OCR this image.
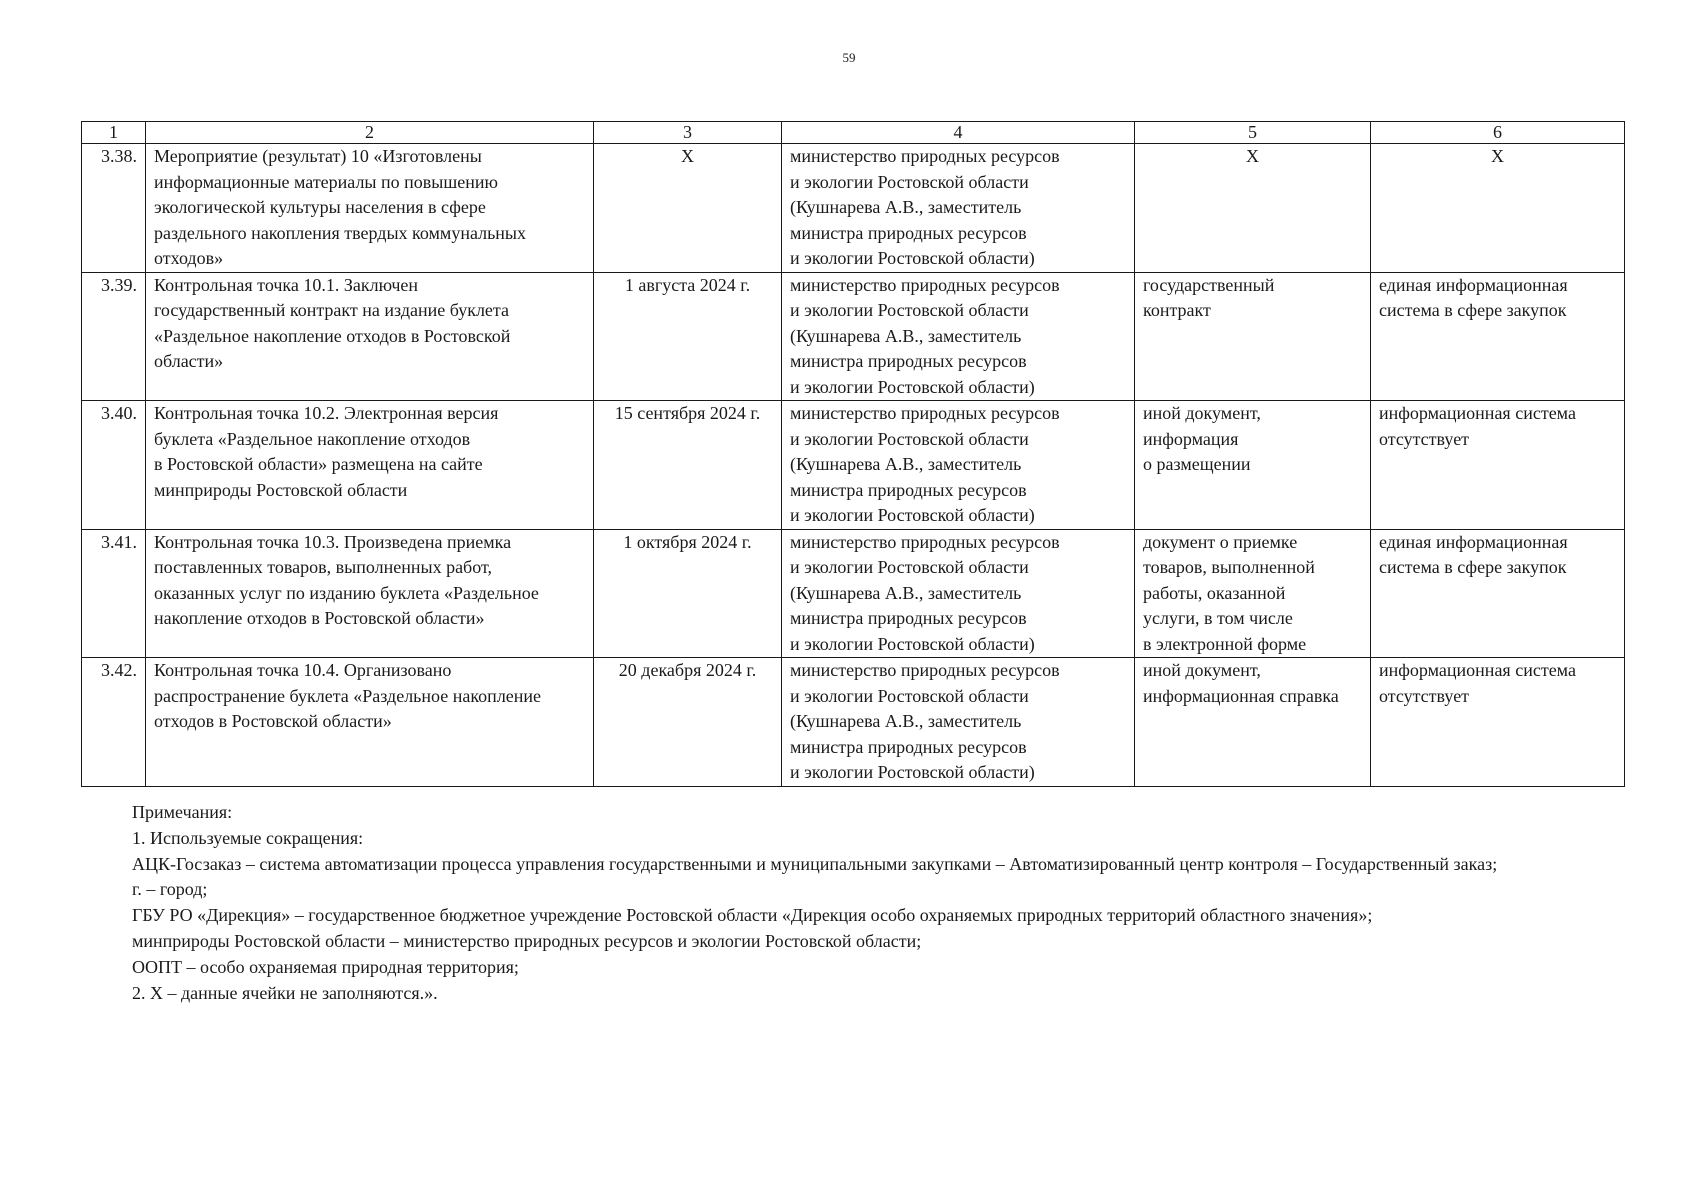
59
1	2	3	4	5	6
3.38.	Мероприятие (результат) 10 «Изготовлены
информационные материалы по повышению
экологической культуры населения в сфере
раздельного накопления твердых коммунальных
отходов»	X	министерство природных ресурсов
и экологии Ростовской области
(Кушнарева А.В., заместитель
министра природных ресурсов
и экологии Ростовской области)	X	X

3.39.	Контрольная точка 10.1. Заключен
государственный контракт на издание буклета
«Раздельное накопление отходов в Ростовской
области»	1 августа 2024 г.	министерство природных ресурсов
и экологии Ростовской области
(Кушнарева А.В., заместитель
министра природных ресурсов
и экологии Ростовской области)	государственный
контракт	единая информационная
система в сфере закупок

3.40.	Контрольная точка 10.2. Электронная версия
буклета «Раздельное накопление отходов
в Ростовской области» размещена на сайте
минприроды Ростовской области	15 сентября 2024 г.	министерство природных ресурсов
и экологии Ростовской области
(Кушнарева А.В., заместитель
министра природных ресурсов
и экологии Ростовской области)	иной документ,
информация
о размещении	информационная система
отсутствует

3.41.	Контрольная точка 10.3. Произведена приемка
поставленных товаров, выполненных работ,
оказанных услуг по изданию буклета «Раздельное
накопление отходов в Ростовской области»	1 октября 2024 г.	министерство природных ресурсов
и экологии Ростовской области
(Кушнарева А.В., заместитель
министра природных ресурсов
и экологии Ростовской области)	документ о приемке
товаров, выполненной
работы, оказанной
услуги, в том числе
в электронной форме	единая информационная
система в сфере закупок

3.42.	Контрольная точка 10.4. Организовано
распространение буклета «Раздельное накопление
отходов в Ростовской области»	20 декабря 2024 г.	министерство природных ресурсов
и экологии Ростовской области
(Кушнарева А.В., заместитель
министра природных ресурсов
и экологии Ростовской области)	иной документ,
информационная справка	информационная система
отсутствует

Примечания:

1. Используемые сокращения:

АЦК-Госзаказ – система автоматизации процесса управления государственными и муниципальными закупками – Автоматизированный центр контроля – Государственный заказ;

г. – город;

ГБУ РО «Дирекция» – государственное бюджетное учреждение Ростовской области «Дирекция особо охраняемых природных территорий областного значения»;

минприроды Ростовской области – министерство природных ресурсов и экологии Ростовской области;

ООПТ – особо охраняемая природная территория;

2. X – данные ячейки не заполняются.».
